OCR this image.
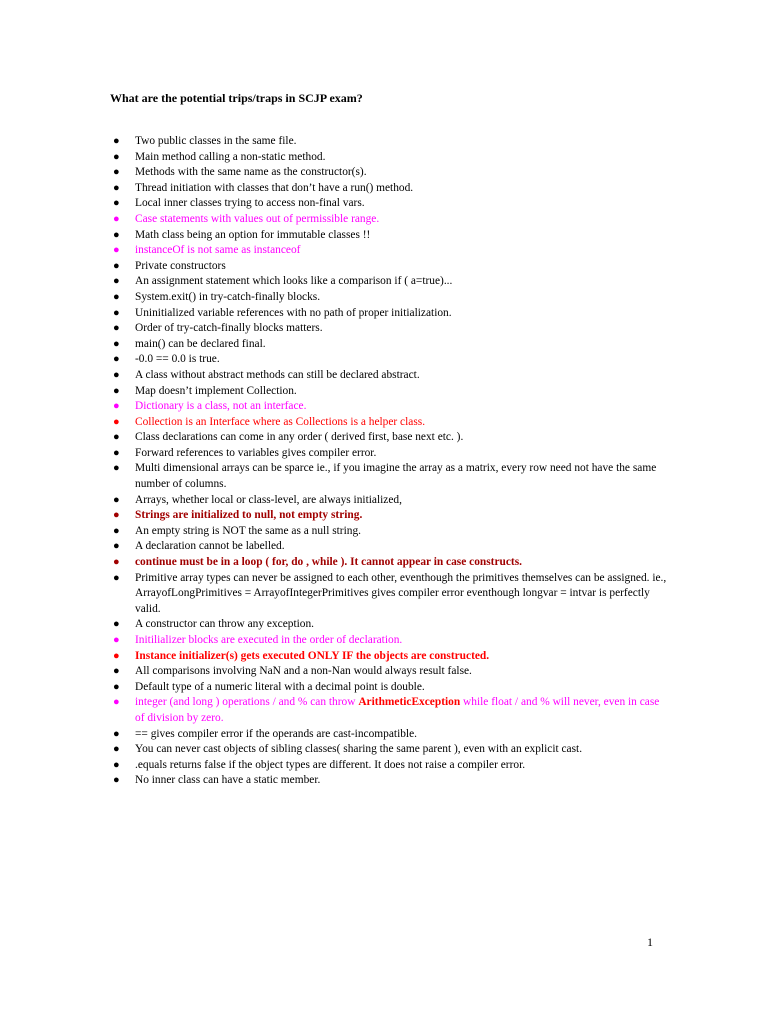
What are the potential trips/traps in SCJP exam?
● Two public classes in the same file.
● Main method calling a non-static method.
● Methods with the same name as the constructor(s).
● Thread initiation with classes that don’t have a run() method.
● Local inner classes trying to access non-final vars.
● Case statements with values out of permissible range.
● Math class being an option for immutable classes !!
● instanceOf is not same as instanceof
● Private constructors
● An assignment statement which looks like a comparison if ( a=true)...
● System.exit() in try-catch-finally blocks.
● Uninitialized variable references with no path of proper initialization.
● Order of try-catch-finally blocks matters.
● main() can be declared final.
● -0.0 == 0.0 is true.
● A class without abstract methods can still be declared abstract.
● Map doesn’t implement Collection.
● Dictionary is a class, not an interface.
● Collection is an Interface where as Collections is a helper class.
● Class declarations can come in any order ( derived first, base next etc. ).
● Forward references to variables gives compiler error.
● Multi dimensional arrays can be sparce ie., if you imagine the array as a matrix, every row need not have the same number of columns.
● Arrays, whether local or class-level, are always initialized,
● Strings are initialized to null, not empty string.
● An empty string is NOT the same as a null string.
● A declaration cannot be labelled.
● continue must be in a loop ( for, do , while ). It cannot appear in case constructs.
● Primitive array types can never be assigned to each other, eventhough the primitives themselves can be assigned. ie., ArrayofLongPrimitives = ArrayofIntegerPrimitives gives compiler error eventhough longvar = intvar is perfectly valid.
● A constructor can throw any exception.
● Initilializer blocks are executed in the order of declaration.
● Instance initializer(s) gets executed ONLY IF the objects are constructed.
● All comparisons involving NaN and a non-Nan would always result false.
● Default type of a numeric literal with a decimal point is double.
● integer (and long ) operations / and % can throw ArithmeticException while float / and % will never, even in case of division by zero.
● == gives compiler error if the operands are cast-incompatible.
● You can never cast objects of sibling classes( sharing the same parent ), even with an explicit cast.
● .equals returns false if the object types are different. It does not raise a compiler error.
● No inner class can have a static member.
1
